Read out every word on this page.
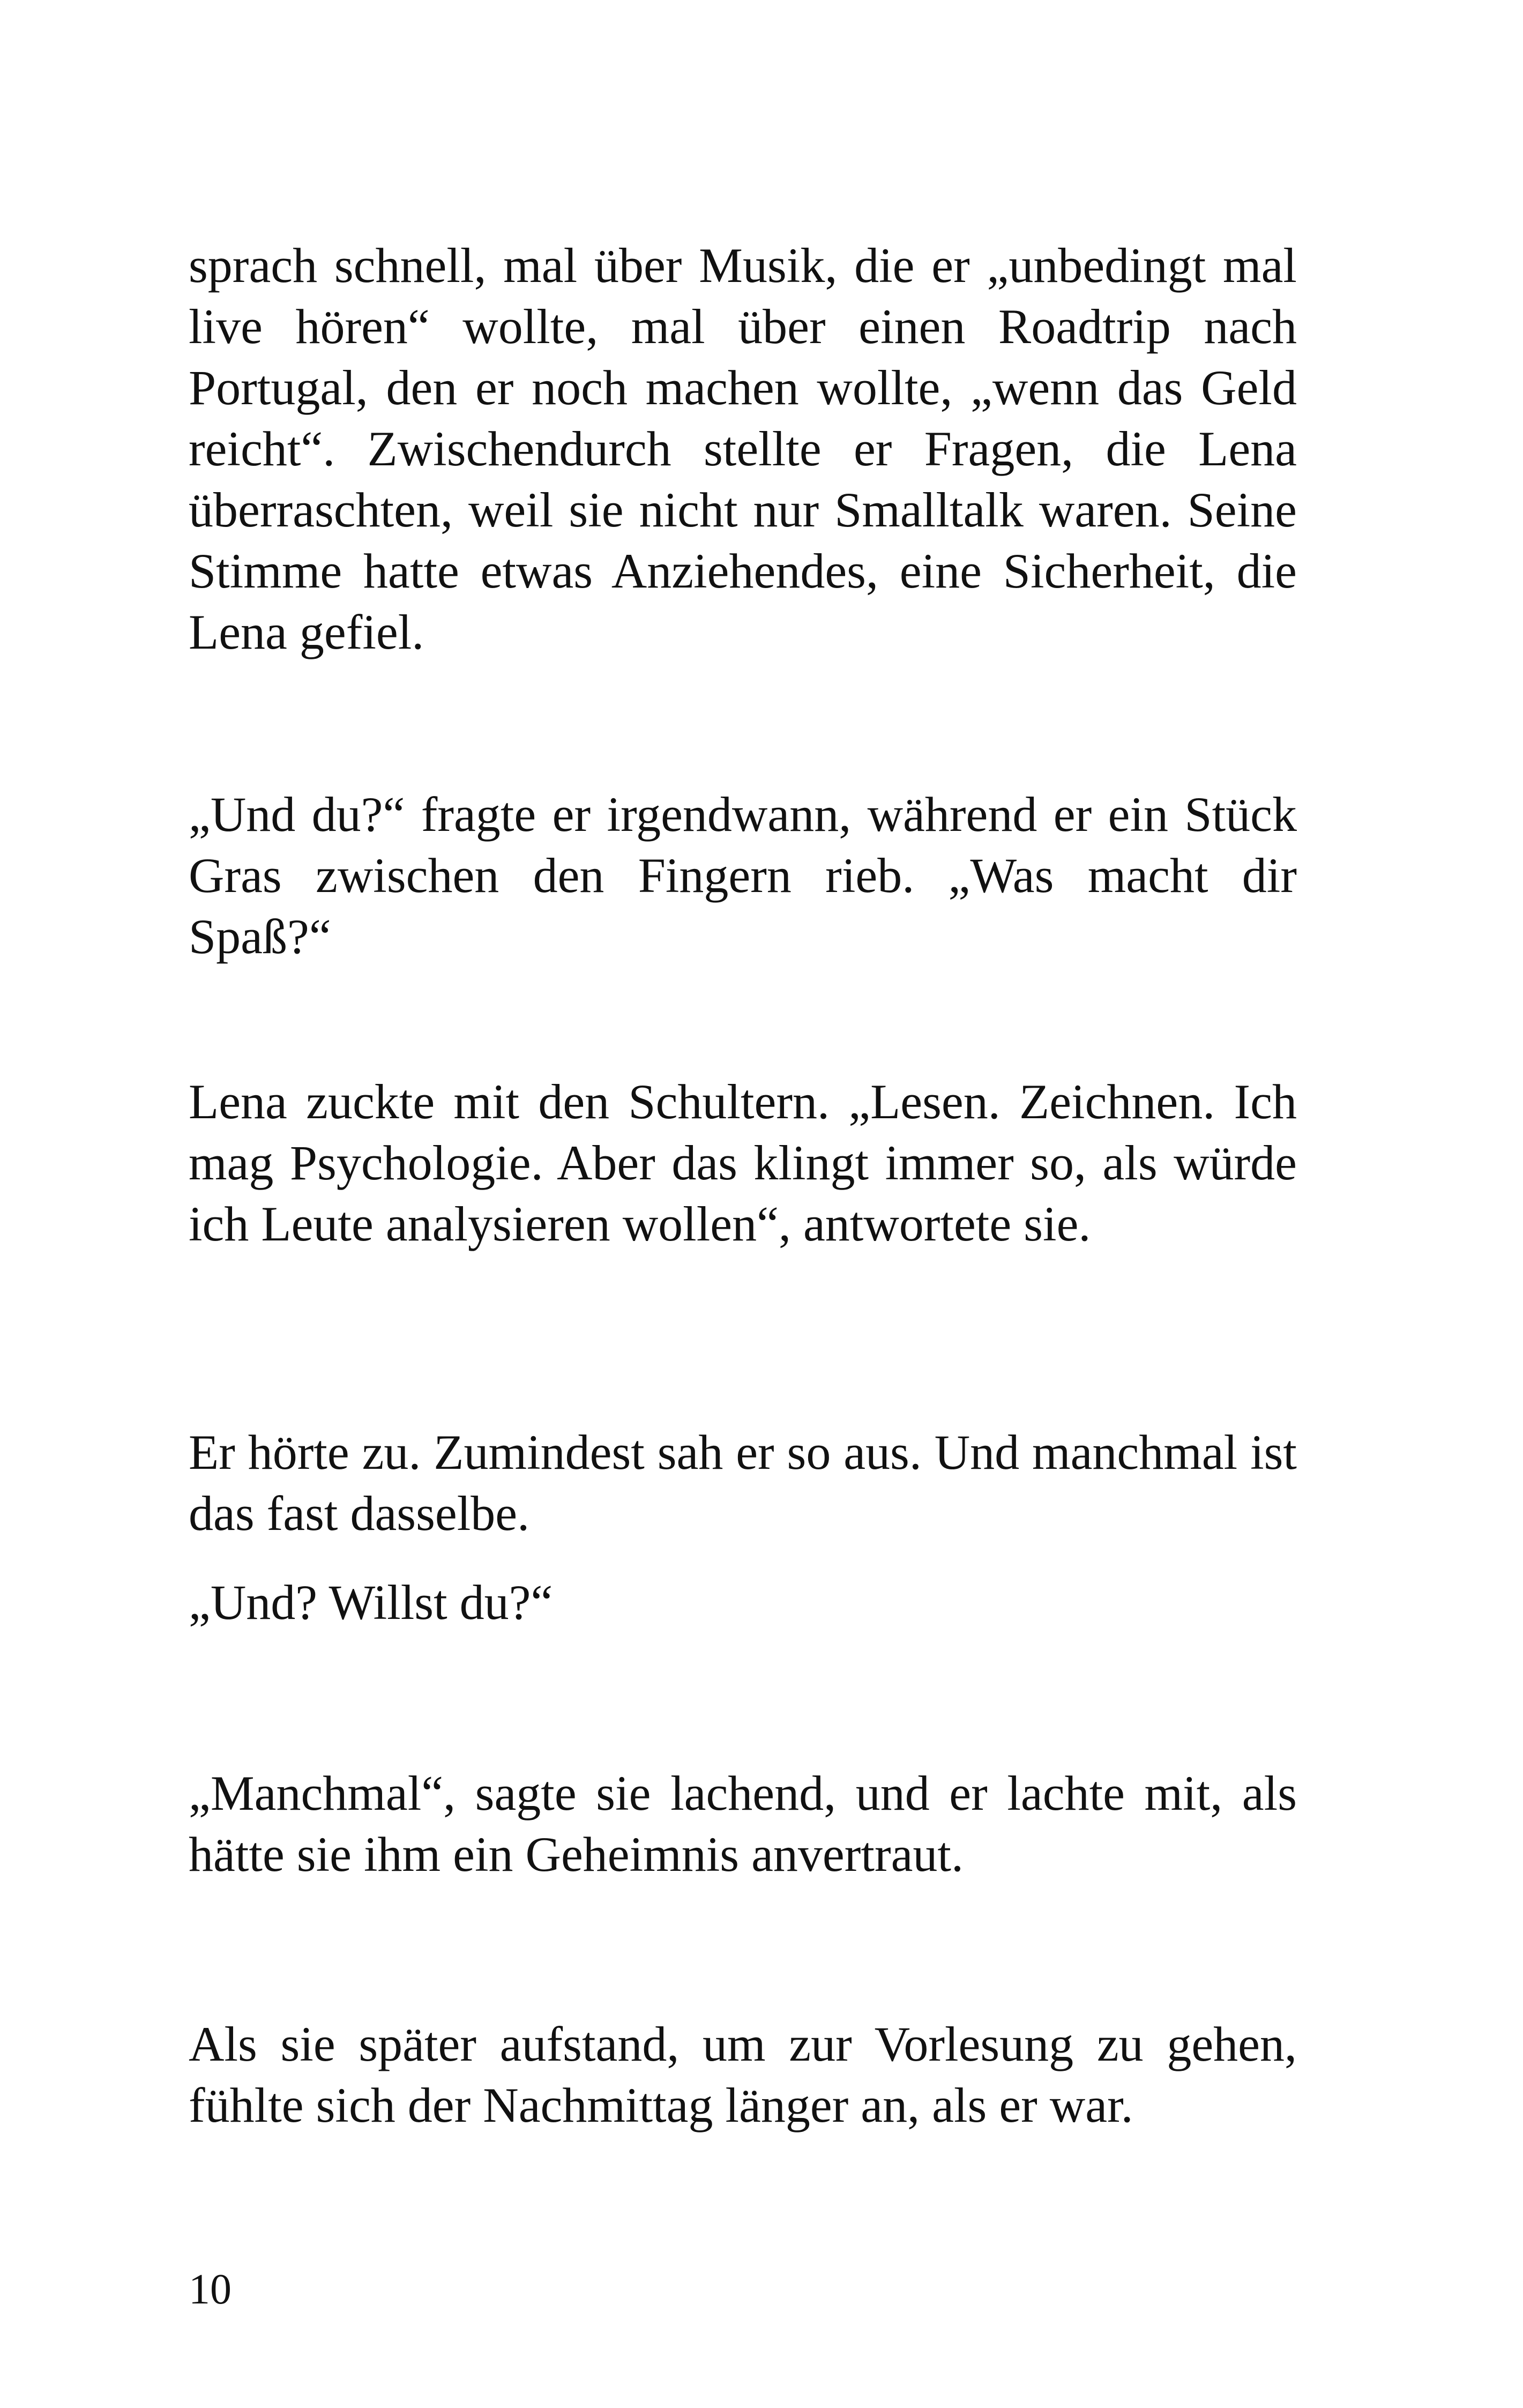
sprach schnell, mal über Musik, die er „unbedingt mal live hören“ wollte, mal über einen Roadtrip nach Portugal, den er noch machen wollte, „wenn das Geld reicht“. Zwischendurch stellte er Fragen, die Lena überraschten, weil sie nicht nur Smalltalk waren. Seine Stimme hatte etwas Anziehendes, eine Sicherheit, die Lena gefiel.

„Und du?“ fragte er irgendwann, während er ein Stück Gras zwischen den Fingern rieb. „Was macht dir Spaß?“

Lena zuckte mit den Schultern. „Lesen. Zeichnen. Ich mag Psychologie. Aber das klingt immer so, als würde ich Leute analysieren wollen“, antwortete sie.

Er hörte zu. Zumindest sah er so aus. Und manchmal ist das fast dasselbe.

„Und? Willst du?“

„Manchmal“, sagte sie lachend, und er lachte mit, als hätte sie ihm ein Geheimnis anvertraut.

Als sie später aufstand, um zur Vorlesung zu gehen, fühlte sich der Nachmittag länger an, als er war.

10
